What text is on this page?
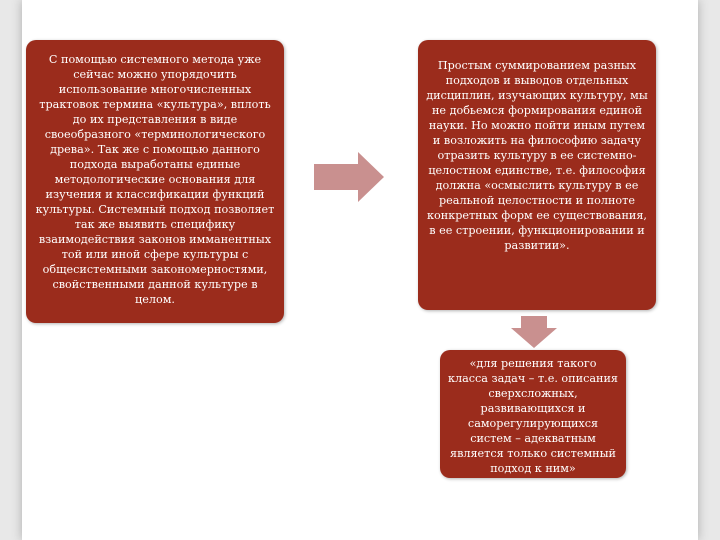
С помощью системного метода уже сейчас можно упорядочить использование многочисленных трактовок термина «культура», вплоть до их представления в виде своеобразного «терминологического древа». Так же с помощью данного подхода выработаны единые методологические основания для изучения и классификации функций культуры. Системный подход позволяет так же выявить специфику взаимодействия законов имманентных той или иной сфере культуры с общесистемными закономерностями, свойственными данной культуре в целом.
Простым суммированием разных подходов и выводов отдельных дисциплин, изучающих культуру, мы не добьемся формирования единой науки. Но можно пойти иным путем и возложить на философию задачу отразить культуру в ее системно-целостном единстве, т.е. философия должна «осмыслить культуру в ее реальной целостности и полноте конкретных форм ее существования, в ее строении, функционировании и развитии».
«для решения такого класса задач – т.е. описания сверхсложных, развивающихся и саморегулирующихся систем – адекватным является только системный подход к ним»
